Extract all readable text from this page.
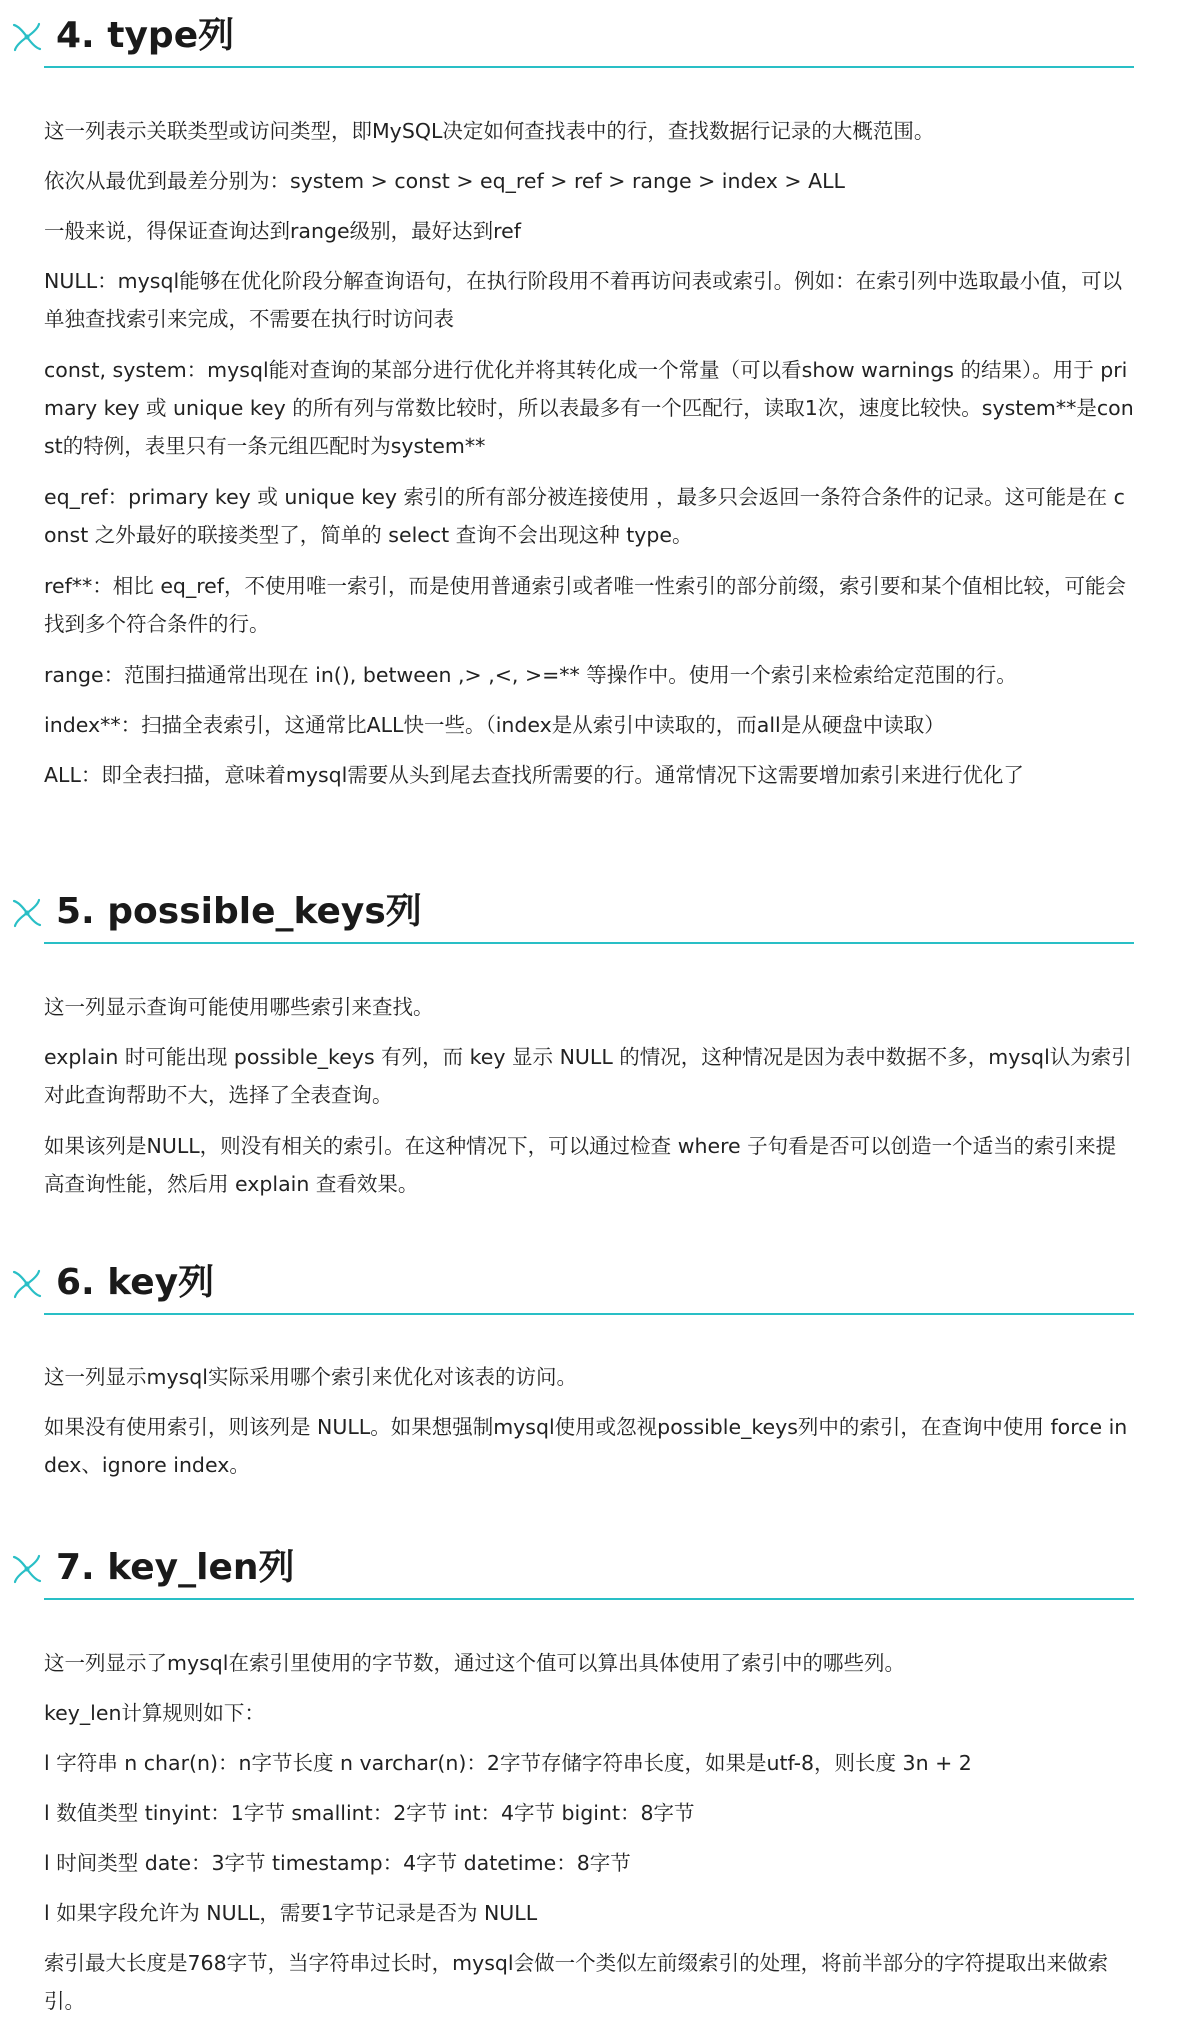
4. type列
这一列表示关联类型或访问类型，即MySQL决定如何查找表中的行，查找数据行记录的大概范围。
依次从最优到最差分别为：system > const > eq_ref > ref > range > index > ALL
一般来说，得保证查询达到range级别，最好达到ref
NULL：mysql能够在优化阶段分解查询语句，在执行阶段用不着再访问表或索引。例如：在索引列中选取最小值，可以单独查找索引来完成，不需要在执行时访问表
const, system：mysql能对查询的某部分进行优化并将其转化成一个常量（可以看show warnings 的结果）。用于 primary key 或 unique key 的所有列与常数比较时，所以表最多有一个匹配行，读取1次，速度比较快。system**是const的特例，表里只有一条元组匹配时为system**
eq_ref：primary key 或 unique key 索引的所有部分被连接使用 ，最多只会返回一条符合条件的记录。这可能是在 const 之外最好的联接类型了，简单的 select 查询不会出现这种 type。
ref**：相比 eq_ref，不使用唯一索引，而是使用普通索引或者唯一性索引的部分前缀，索引要和某个值相比较，可能会找到多个符合条件的行。
range：范围扫描通常出现在 in(), between ,> ,<, >=** 等操作中。使用一个索引来检索给定范围的行。
index**：扫描全表索引，这通常比ALL快一些。（index是从索引中读取的，而all是从硬盘中读取）
ALL：即全表扫描，意味着mysql需要从头到尾去查找所需要的行。通常情况下这需要增加索引来进行优化了
5. possible_keys列
这一列显示查询可能使用哪些索引来查找。
explain 时可能出现 possible_keys 有列，而 key 显示 NULL 的情况，这种情况是因为表中数据不多，mysql认为索引对此查询帮助不大，选择了全表查询。
如果该列是NULL，则没有相关的索引。在这种情况下，可以通过检查 where 子句看是否可以创造一个适当的索引来提高查询性能，然后用 explain 查看效果。
6. key列
这一列显示mysql实际采用哪个索引来优化对该表的访问。
如果没有使用索引，则该列是 NULL。如果想强制mysql使用或忽视possible_keys列中的索引，在查询中使用 force index、ignore index。
7. key_len列
这一列显示了mysql在索引里使用的字节数，通过这个值可以算出具体使用了索引中的哪些列。
key_len计算规则如下：
l 字符串 n char(n)：n字节长度 n varchar(n)：2字节存储字符串长度，如果是utf-8，则长度 3n + 2
l 数值类型 tinyint：1字节 smallint：2字节 int：4字节 bigint：8字节
l 时间类型 date：3字节 timestamp：4字节 datetime：8字节
l 如果字段允许为 NULL，需要1字节记录是否为 NULL
索引最大长度是768字节，当字符串过长时，mysql会做一个类似左前缀索引的处理，将前半部分的字符提取出来做索引。
